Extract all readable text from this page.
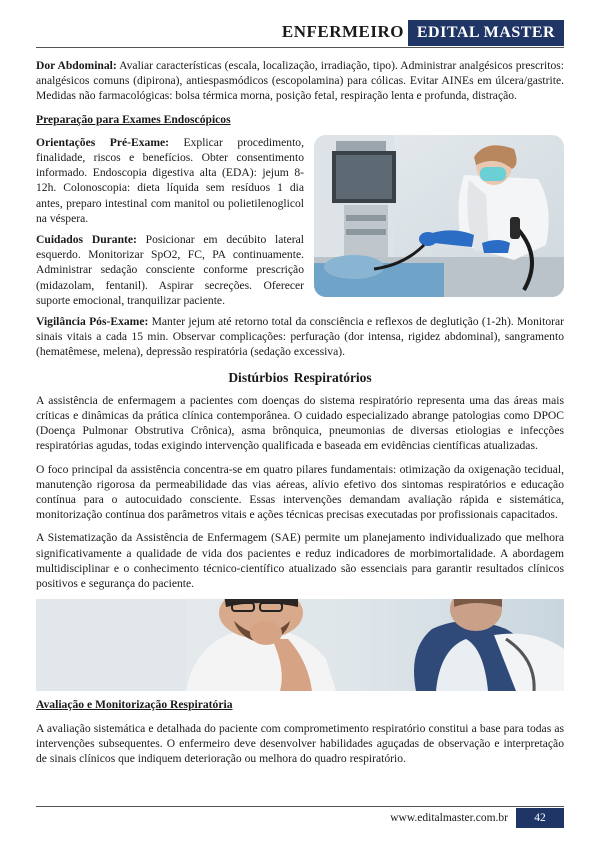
ENFERMEIRO EDITAL MASTER

Dor Abdominal: Avaliar características (escala, localização, irradiação, tipo). Administrar analgésicos prescritos: analgésicos comuns (dipirona), antiespasmódicos (escopolamina) para cólicas. Evitar AINEs em úlcera/gastrite. Medidas não farmacológicas: bolsa térmica morna, posição fetal, respiração lenta e profunda, distração.

Preparação para Exames Endoscópicos

Orientações Pré-Exame: Explicar procedimento, finalidade, riscos e benefícios. Obter consentimento informado. Endoscopia digestiva alta (EDA): jejum 8-12h. Colonoscopia: dieta líquida sem resíduos 1 dia antes, preparo intestinal com manitol ou polietilenoglicol na véspera.

Cuidados Durante: Posicionar em decúbito lateral esquerdo. Monitorizar SpO2, FC, PA continuamente. Administrar sedação consciente conforme prescrição (midazolam, fentanil). Aspirar secreções. Oferecer suporte emocional, tranquilizar paciente.

Vigilância Pós-Exame: Manter jejum até retorno total da consciência e reflexos de deglutição (1-2h). Monitorar sinais vitais a cada 15 min. Observar complicações: perfuração (dor intensa, rigidez abdominal), sangramento (hematêmese, melena), depressão respiratória (sedação excessiva).

Distúrbios Respiratórios

A assistência de enfermagem a pacientes com doenças do sistema respiratório representa uma das áreas mais críticas e dinâmicas da prática clínica contemporânea. O cuidado especializado abrange patologias como DPOC (Doença Pulmonar Obstrutiva Crônica), asma brônquica, pneumonias de diversas etiologias e infecções respiratórias agudas, todas exigindo intervenção qualificada e baseada em evidências científicas atualizadas.

O foco principal da assistência concentra-se em quatro pilares fundamentais: otimização da oxigenação tecidual, manutenção rigorosa da permeabilidade das vias aéreas, alívio efetivo dos sintomas respiratórios e educação contínua para o autocuidado consciente. Essas intervenções demandam avaliação rápida e sistemática, monitorização contínua dos parâmetros vitais e ações técnicas precisas executadas por profissionais capacitados.

A Sistematização da Assistência de Enfermagem (SAE) permite um planejamento individualizado que melhora significativamente a qualidade de vida dos pacientes e reduz indicadores de morbimortalidade. A abordagem multidisciplinar e o conhecimento técnico-científico atualizado são essenciais para garantir resultados clínicos positivos e segurança do paciente.

Avaliação e Monitorização Respiratória

A avaliação sistemática e detalhada do paciente com comprometimento respiratório constitui a base para todas as intervenções subsequentes. O enfermeiro deve desenvolver habilidades aguçadas de observação e interpretação de sinais clínicos que indiquem deterioração ou melhora do quadro respiratório.

www.editalmaster.com.br	42
